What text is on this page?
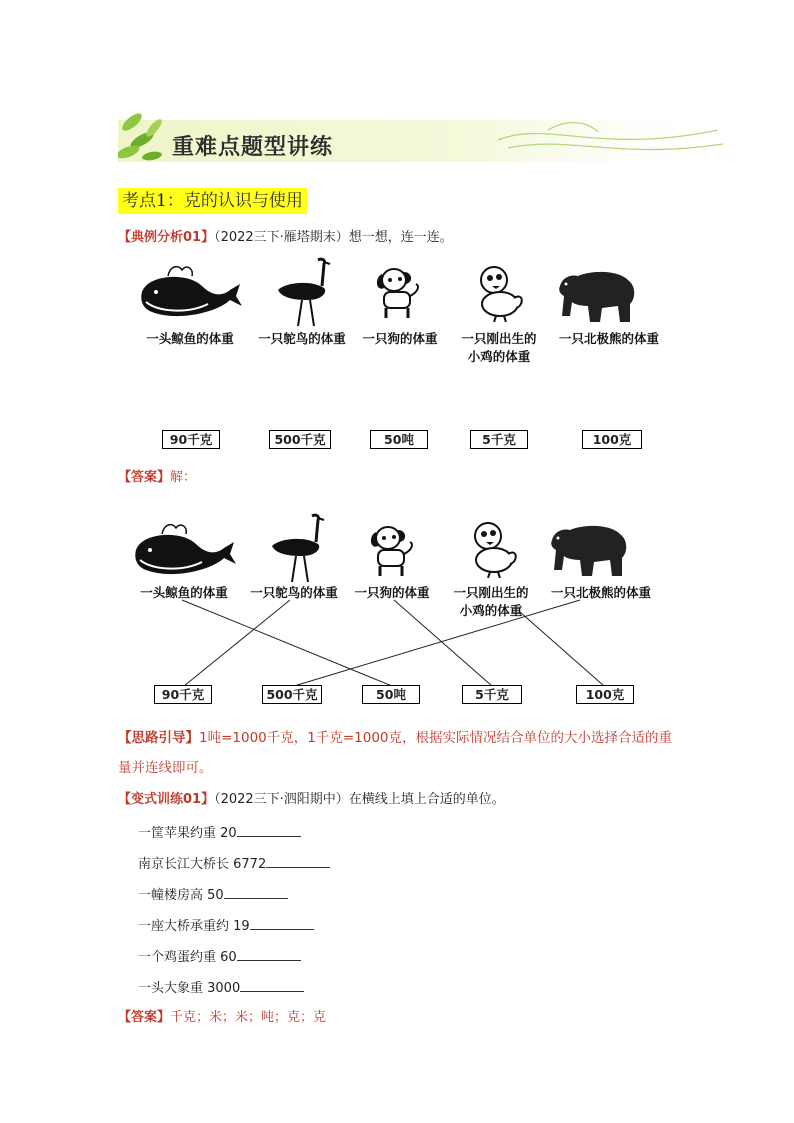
重难点题型讲练
考点1：克的认识与使用
【典例分析01】（2022三下·雁塔期末）想一想，连一连。
一头鲸鱼的体重	一只鸵鸟的体重	一只狗的体重	一只刚出生的
小鸡的体重
一只北极熊的体重
90千克	500千克	50吨	5千克	100克
【答案】解：
一头鲸鱼的体重	一只鸵鸟的体重	一只狗的体重	一只刚出生的
小鸡的体重
一只北极熊的体重
90千克	500千克	50吨	5千克	100克
【思路引导】1吨=1000千克，1千克=1000克，根据实际情况结合单位的大小选择合适的重
量并连线即可。
【变式训练01】（2022三下·泗阳期中）在横线上填上合适的单位。
一筐苹果约重 20
南京长江大桥长 6772
一幢楼房高 50
一座大桥承重约 19
一个鸡蛋约重 60
一头大象重 3000
【答案】千克；米；米；吨；克；克
